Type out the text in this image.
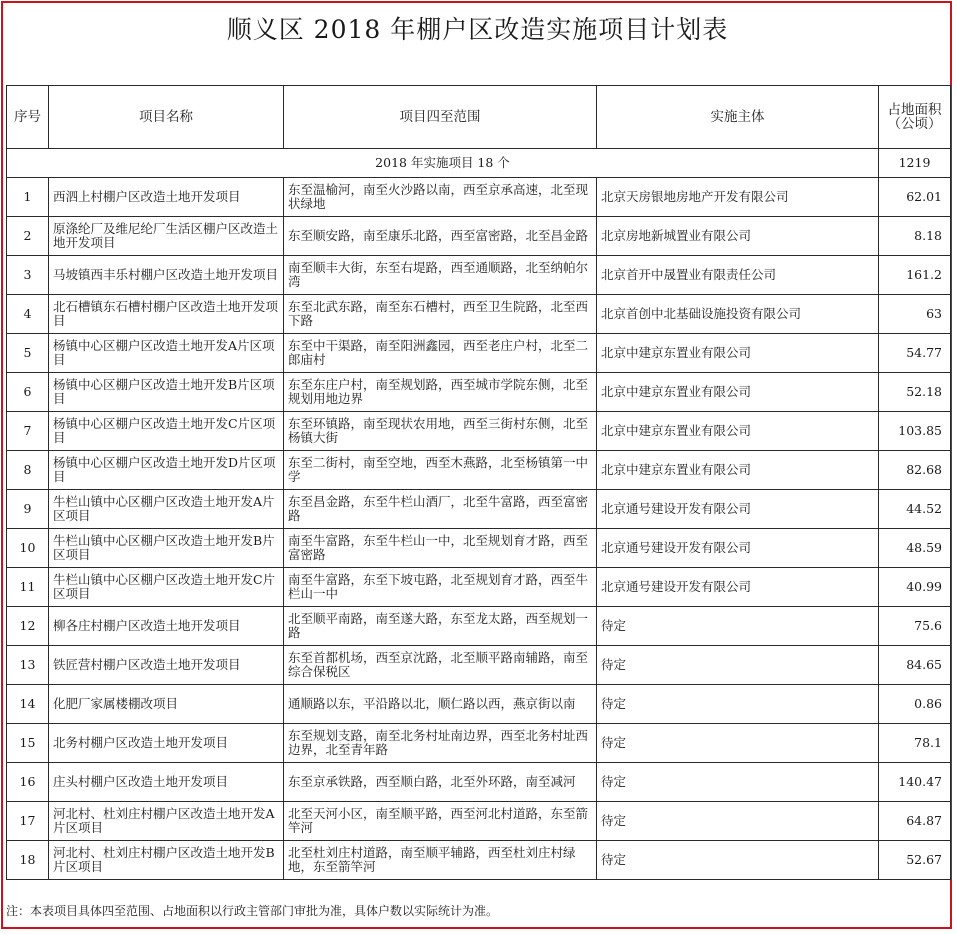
顺义区 2018 年棚户区改造实施项目计划表
序号	项目名称	项目四至范围	实施主体	占地面积
（公顷）

2018 年实施项目 18 个				1219
1	西泗上村棚户区改造土地开发项目	东至温榆河，南至火沙路以南，西至京承高速，北至现状绿地	北京天房银地房地产开发有限公司	62.01
2	原涤纶厂及维尼纶厂生活区棚户区改造土地开发项目	东至顺安路，南至康乐北路，西至富密路，北至昌金路	北京房地新城置业有限公司	8.18
3	马坡镇西丰乐村棚户区改造土地开发项目	南至顺丰大街，东至右堤路，西至通顺路，北至纳帕尔湾	北京首开中晟置业有限责任公司	161.2
4	北石槽镇东石槽村棚户区改造土地开发项目	东至北武东路，南至东石槽村，西至卫生院路，北至西下路	北京首创中北基础设施投资有限公司	63
5	杨镇中心区棚户区改造土地开发A片区项目	东至中干渠路，南至阳洲鑫园，西至老庄户村，北至二郎庙村	北京中建京东置业有限公司	54.77
6	杨镇中心区棚户区改造土地开发B片区项目	东至东庄户村，南至规划路，西至城市学院东侧，北至规划用地边界	北京中建京东置业有限公司	52.18
7	杨镇中心区棚户区改造土地开发C片区项目	东至环镇路，南至现状农用地，西至三街村东侧，北至杨镇大街	北京中建京东置业有限公司	103.85
8	杨镇中心区棚户区改造土地开发D片区项目	东至二街村，南至空地，西至木燕路，北至杨镇第一中学	北京中建京东置业有限公司	82.68
9	牛栏山镇中心区棚户区改造土地开发A片区项目	东至昌金路，东至牛栏山酒厂，北至牛富路，西至富密路	北京通号建设开发有限公司	44.52
10	牛栏山镇中心区棚户区改造土地开发B片区项目	南至牛富路，东至牛栏山一中，北至规划育才路，西至富密路	北京通号建设开发有限公司	48.59
11	牛栏山镇中心区棚户区改造土地开发C片区项目	南至牛富路，东至下坡屯路，北至规划育才路，西至牛栏山一中	北京通号建设开发有限公司	40.99
12	柳各庄村棚户区改造土地开发项目	北至顺平南路，南至遂大路，东至龙太路，西至规划一路	待定	75.6
13	铁匠营村棚户区改造土地开发项目	东至首都机场，西至京沈路，北至顺平路南辅路，南至综合保税区	待定	84.65
14	化肥厂家属楼棚改项目	通顺路以东，平沿路以北，顺仁路以西，燕京街以南	待定	0.86
15	北务村棚户区改造土地开发项目	东至规划支路，南至北务村址南边界，西至北务村址西边界，北至青年路	待定	78.1
16	庄头村棚户区改造土地开发项目	东至京承铁路，西至顺白路，北至外环路，南至减河	待定	140.47
17	河北村、杜刘庄村棚户区改造土地开发A片区项目	北至天河小区，南至顺平路，西至河北村道路，东至箭竿河	待定	64.87
18	河北村、杜刘庄村棚户区改造土地开发B片区项目	北至杜刘庄村道路，南至顺平辅路，西至杜刘庄村绿地，东至箭竿河	待定	52.67
注：本表项目具体四至范围、占地面积以行政主管部门审批为准，具体户数以实际统计为准。
